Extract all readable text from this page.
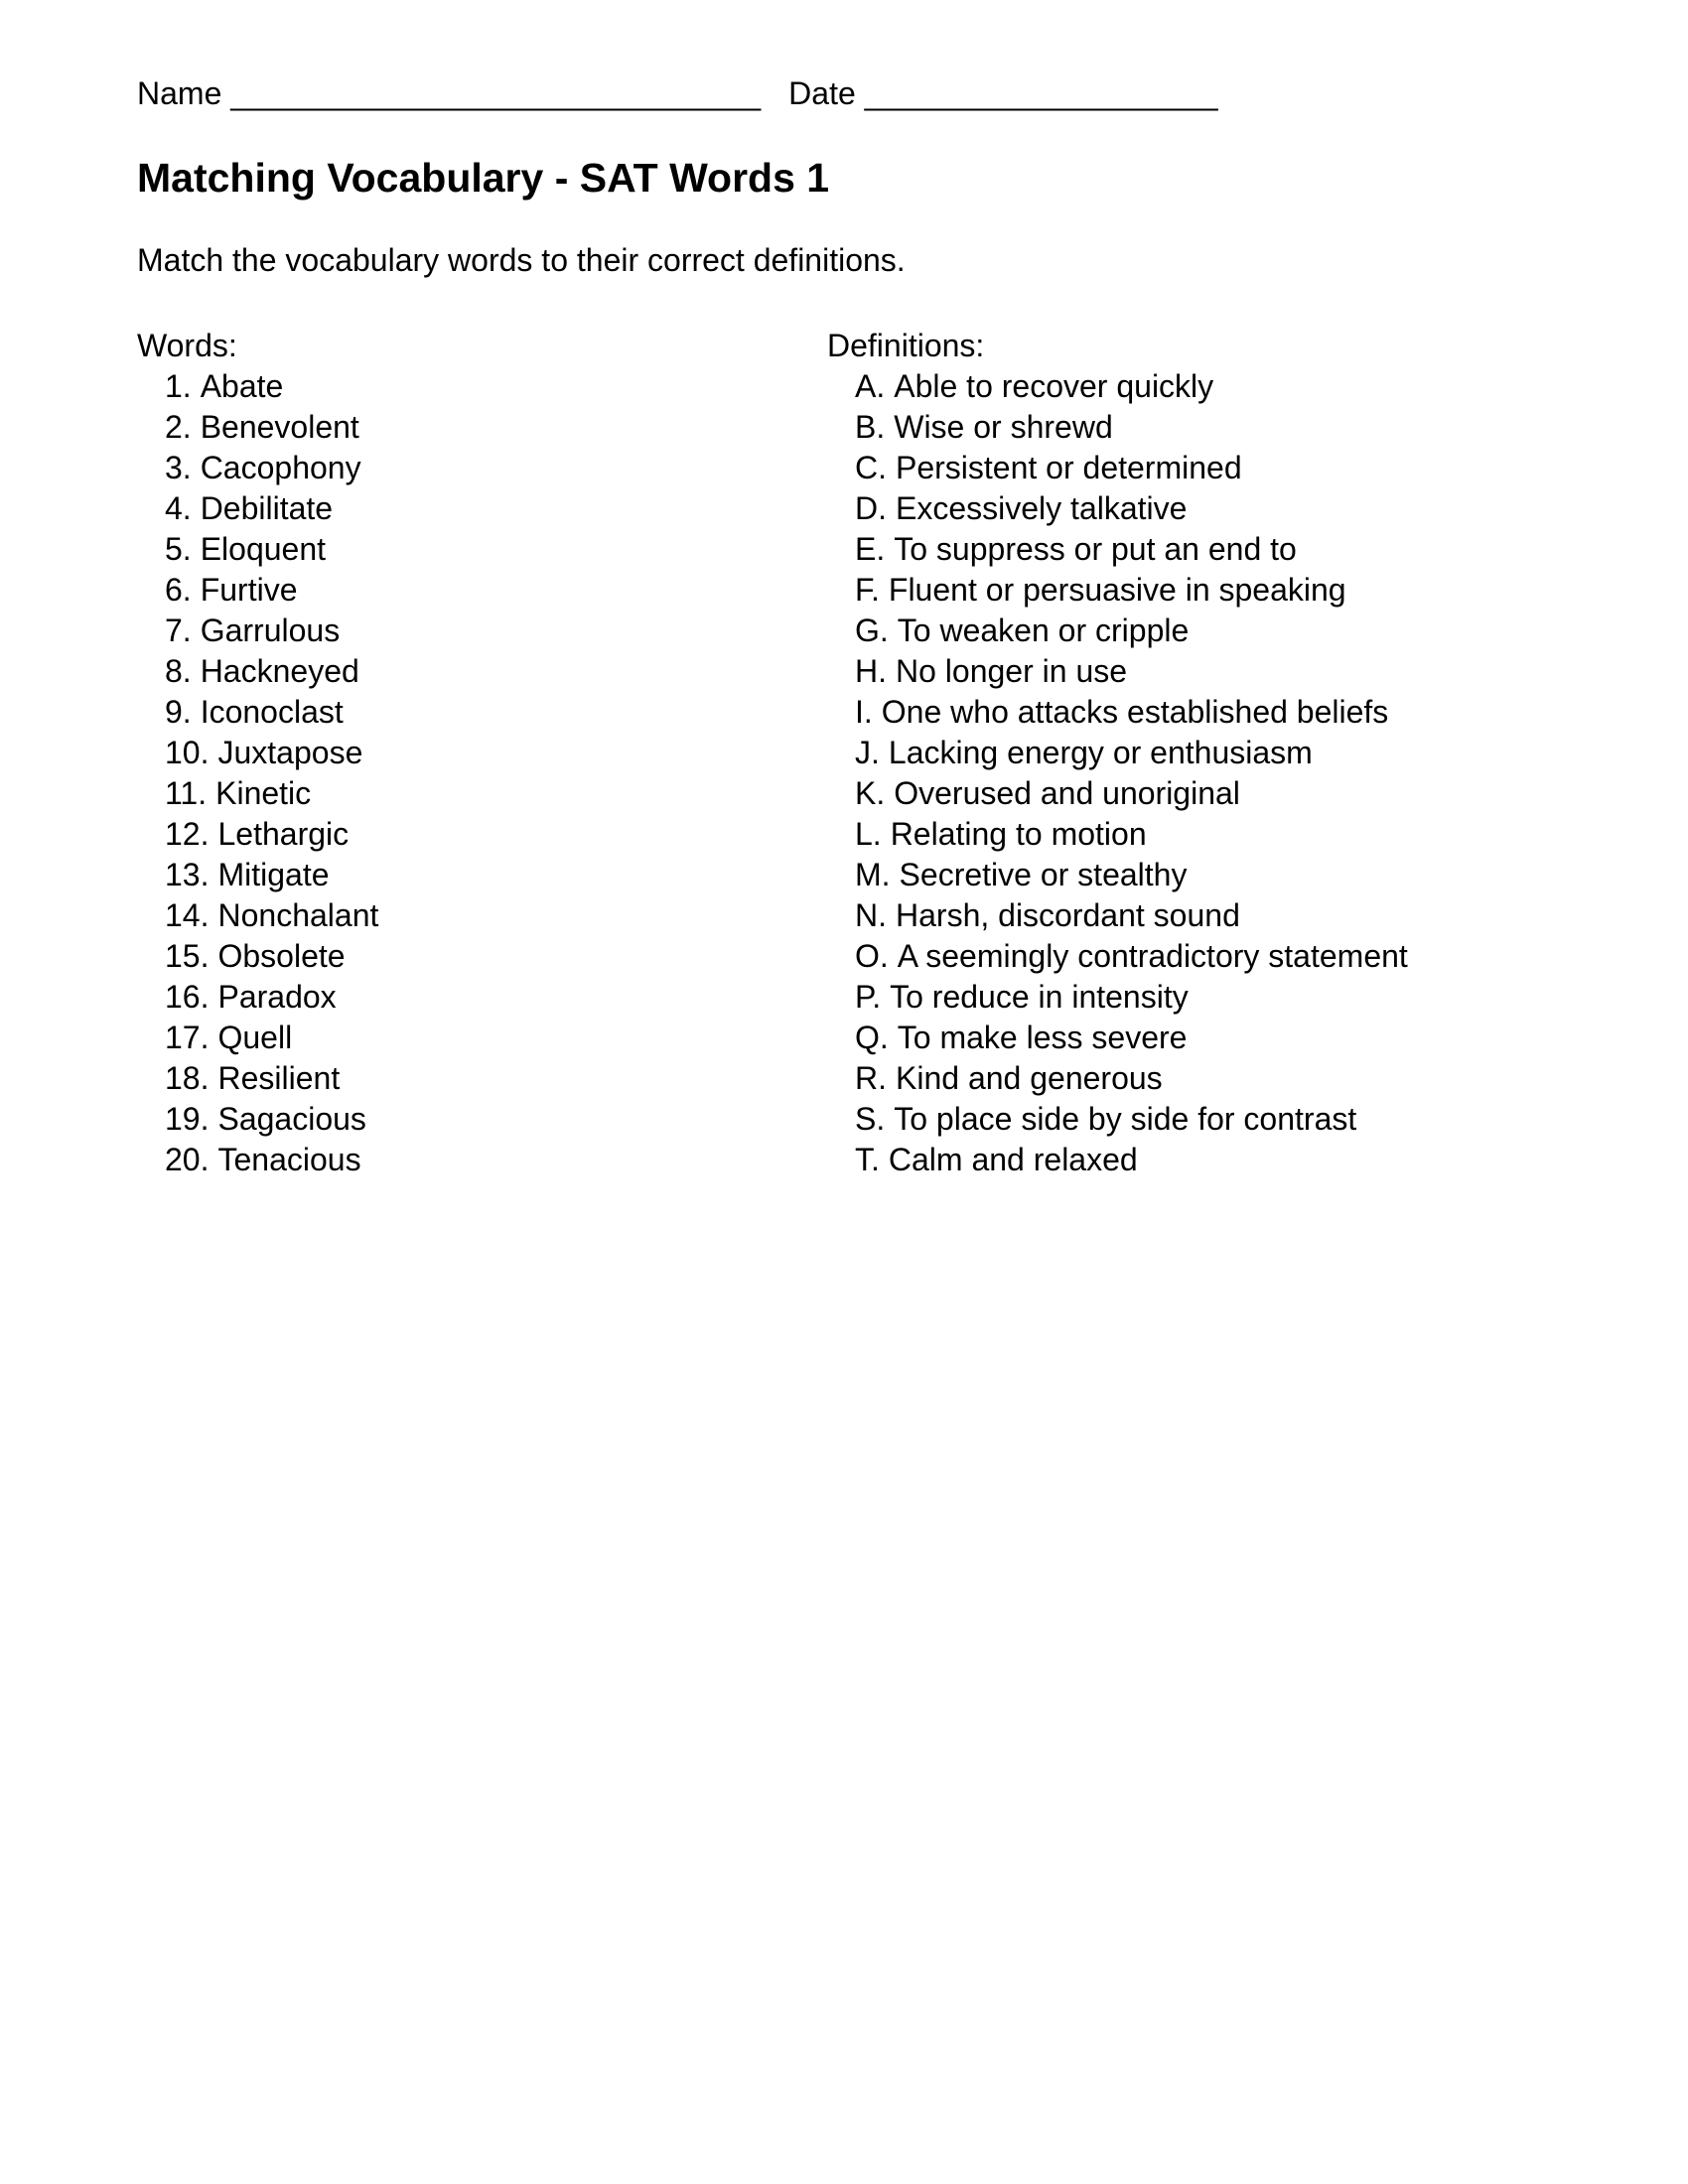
Name ______________________________ Date ____________________
Matching Vocabulary - SAT Words 1
Match the vocabulary words to their correct definitions.
Words:
1. Abate
2. Benevolent
3. Cacophony
4. Debilitate
5. Eloquent
6. Furtive
7. Garrulous
8. Hackneyed
9. Iconoclast
10. Juxtapose
11. Kinetic
12. Lethargic
13. Mitigate
14. Nonchalant
15. Obsolete
16. Paradox
17. Quell
18. Resilient
19. Sagacious
20. Tenacious
Definitions:
A. Able to recover quickly
B. Wise or shrewd
C. Persistent or determined
D. Excessively talkative
E. To suppress or put an end to
F. Fluent or persuasive in speaking
G. To weaken or cripple
H. No longer in use
I. One who attacks established beliefs
J. Lacking energy or enthusiasm
K. Overused and unoriginal
L. Relating to motion
M. Secretive or stealthy
N. Harsh, discordant sound
O. A seemingly contradictory statement
P. To reduce in intensity
Q. To make less severe
R. Kind and generous
S. To place side by side for contrast
T. Calm and relaxed
